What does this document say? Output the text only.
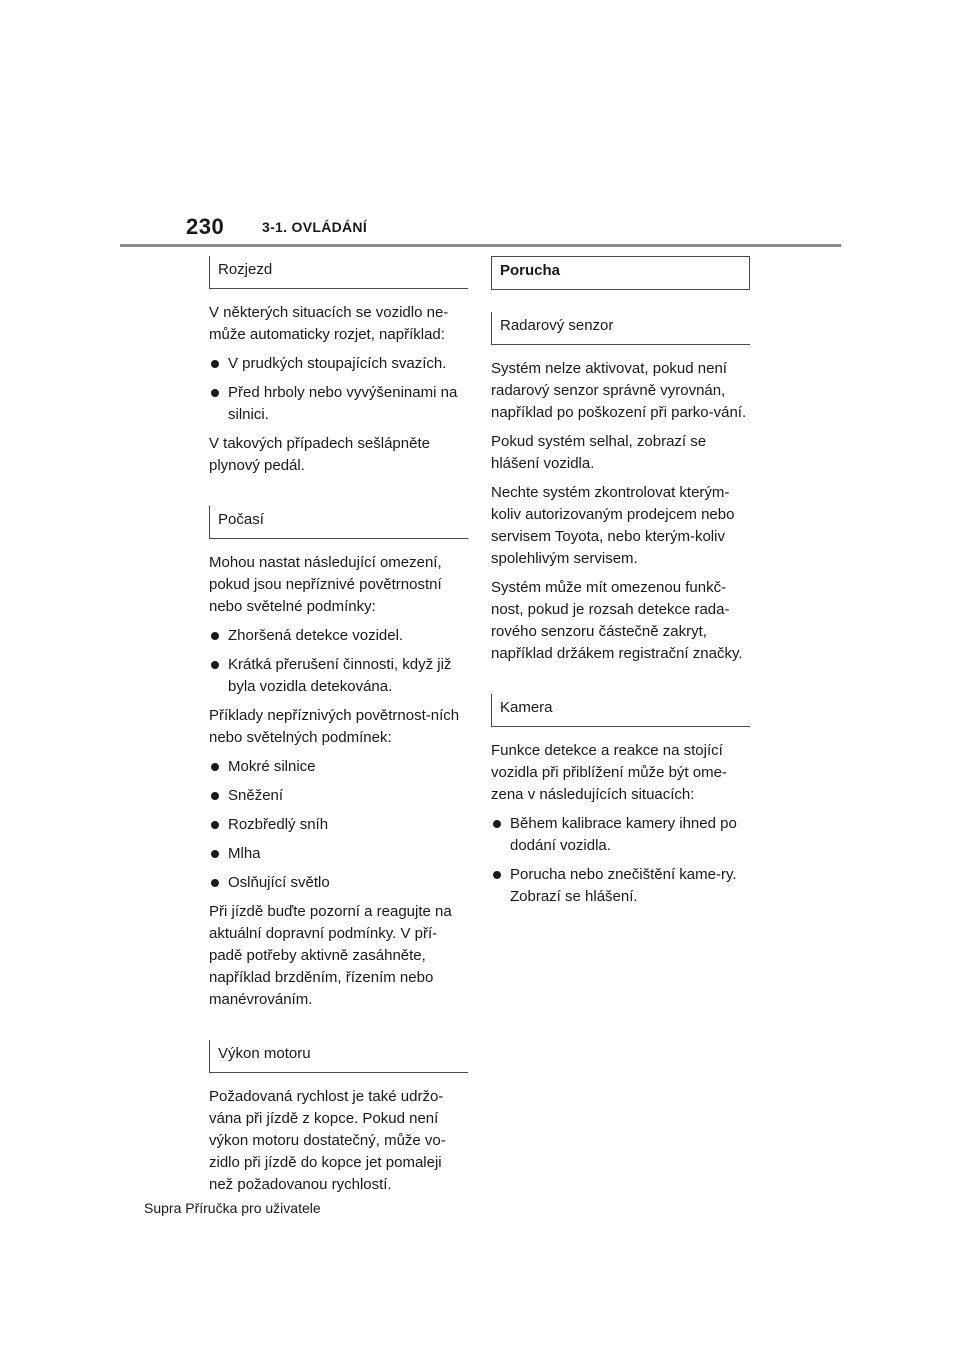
230	3-1. OVLÁDÁNÍ
Rozjezd

V některých situacích se vozidlo ne-může automaticky rozjet, například:

V prudkých stoupajících svazích.
Před hrboly nebo vyvýšeninami na silnici.

V takových případech sešlápněte plynový pedál.

Počasí

Mohou nastat následující omezení, pokud jsou nepříznivé povětrnostní nebo světelné podmínky:

Zhoršená detekce vozidel.
Krátká přerušení činnosti, když již byla vozidla detekována.

Příklady nepříznivých povětrnost-ních nebo světelných podmínek:

Mokré silnice
Sněžení
Rozbředlý sníh
Mlha
Oslňující světlo

Při jízdě buďte pozorní a reagujte na aktuální dopravní podmínky. V pří-padě potřeby aktivně zasáhněte, například brzděním, řízením nebo manévrováním.

Výkon motoru

Požadovaná rychlost je také udržo-vána při jízdě z kopce. Pokud není výkon motoru dostatečný, může vo-zidlo při jízdě do kopce jet pomaleji než požadovanou rychlostí.

Porucha
Radarový senzor

Systém nelze aktivovat, pokud není radarový senzor správně vyrovnán, například po poškození při parko-vání.

Pokud systém selhal, zobrazí se hlášení vozidla.

Nechte systém zkontrolovat kterým-koliv autorizovaným prodejcem nebo servisem Toyota, nebo kterým-koliv spolehlivým servisem.

Systém může mít omezenou funkč-nost, pokud je rozsah detekce rada-rového senzoru částečně zakryt, například držákem registrační značky.

Kamera

Funkce detekce a reakce na stojící vozidla při přiblížení může být ome-zena v následujících situacích:

Během kalibrace kamery ihned po dodání vozidla.
Porucha nebo znečištění kame-ry. Zobrazí se hlášení.
Supra Příručka pro uživatele
